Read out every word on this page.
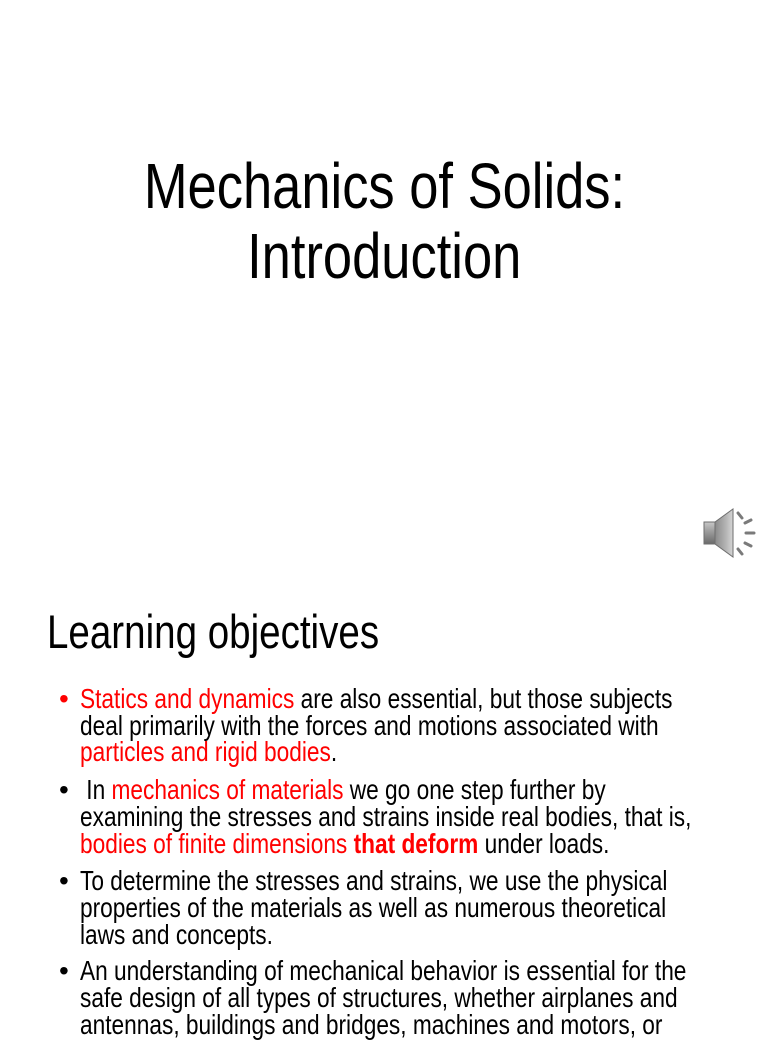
Mechanics of Solids:
Introduction
Learning objectives
• Statics and dynamics are also essential, but those subjects
deal primarily with the forces and motions associated with
particles and rigid bodies.
• In mechanics of materials we go one step further by
examining the stresses and strains inside real bodies, that is,
bodies of finite dimensions that deform under loads.
• To determine the stresses and strains, we use the physical
properties of the materials as well as numerous theoretical
laws and concepts.
• An understanding of mechanical behavior is essential for the
safe design of all types of structures, whether airplanes and
antennas, buildings and bridges, machines and motors, or
